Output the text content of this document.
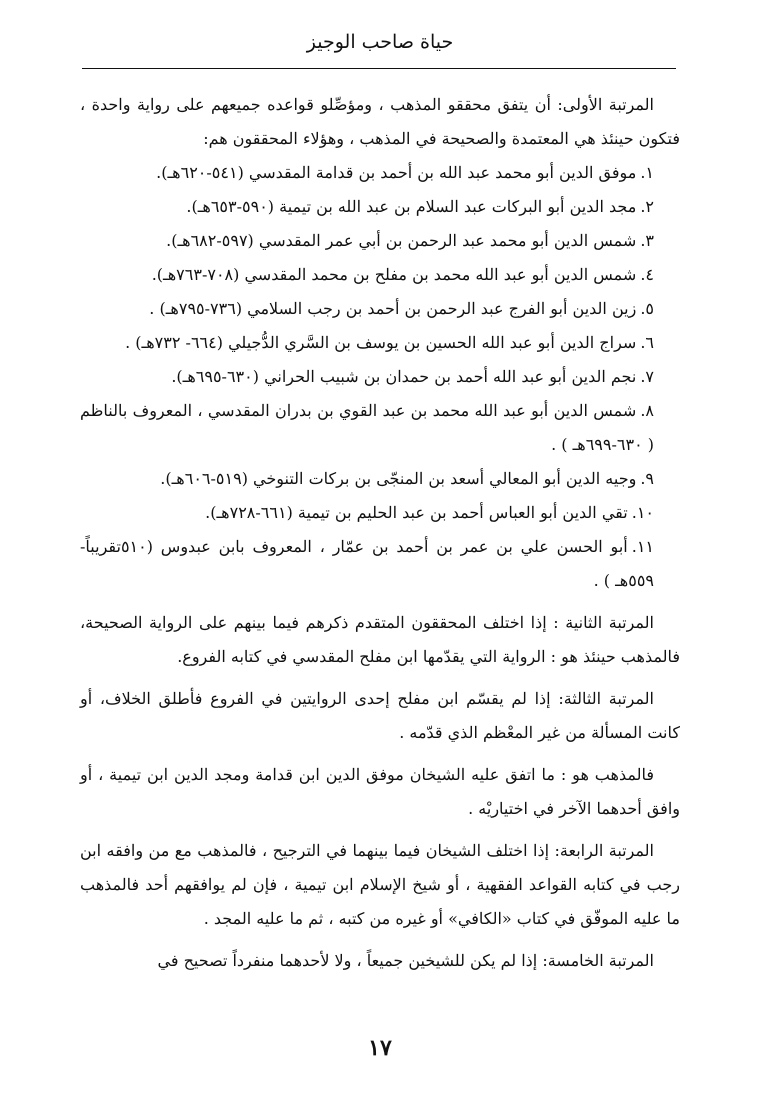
حياة صاحب الوجيز

المرتبة الأولى: أن يتفق محققو المذهب ، ومؤصِّلو قواعده جميعهم على رواية واحدة ، فتكون حينئذ هي المعتمدة والصحيحة في المذهب ، وهؤلاء المحققون هم:

١.موفق الدين أبو محمد عبد الله بن أحمد بن قدامة المقدسي (٥٤١-٦٢٠هـ).

٢.مجد الدين أبو البركات عبد السلام بن عبد الله بن تيمية (٥٩٠-٦٥٣هـ).

٣.شمس الدين أبو محمد عبد الرحمن بن أبي عمر المقدسي (٥٩٧-٦٨٢هـ).

٤.شمس الدين أبو عبد الله محمد بن مفلح بن محمد المقدسي (٧٠٨-٧٦٣هـ).

٥.زين الدين أبو الفرج عبد الرحمن بن أحمد بن رجب السلامي (٧٣٦-٧٩٥هـ) .

٦.سراج الدين أبو عبد الله الحسين بن يوسف بن السَّري الدُّجيلي (٦٦٤- ٧٣٢هـ) .

٧.نجم الدين أبو عبد الله أحمد بن حمدان بن شبيب الحراني (٦٣٠-٦٩٥هـ).

٨.شمس الدين أبو عبد الله محمد بن عبد القوي بن بدران المقدسي ، المعروف بالناظم ( ٦٣٠-٦٩٩هـ ) .

٩.وجيه الدين أبو المعالي أسعد بن المنجّى بن بركات التنوخي (٥١٩-٦٠٦هـ).

١٠.تقي الدين أبو العباس أحمد بن عبد الحليم بن تيمية (٦٦١-٧٢٨هـ).

١١.أبو الحسن علي بن عمر بن أحمد بن عمّار ، المعروف بابن عبدوس (٥١٠تقريباً- ٥٥٩هـ ) .

المرتبة الثانية : إذا اختلف المحققون المتقدم ذكرهم فيما بينهم على الرواية الصحيحة، فالمذهب حينئذ هو : الرواية التي يقدّمها ابن مفلح المقدسي في كتابه الفروع.

المرتبة الثالثة: إذا لم يقسّم ابن مفلح إحدى الروايتين في الفروع فأطلق الخلاف، أو كانت المسألة من غير المعْظم الذي قدّمه .

فالمذهب هو : ما اتفق عليه الشيخان موفق الدين ابن قدامة ومجد الدين ابن تيمية ، أو وافق أحدهما الآخر في اختياريْه .

المرتبة الرابعة: إذا اختلف الشيخان فيما بينهما في الترجيح ، فالمذهب مع من وافقه ابن رجب في كتابه القواعد الفقهية ، أو شيخ الإسلام ابن تيمية ، فإن لم يوافقهم أحد فالمذهب ما عليه الموفّق في كتاب «الكافي» أو غيره من كتبه ، ثم ما عليه المجد .

المرتبة الخامسة: إذا لم يكن للشيخين جميعاً ، ولا لأحدهما منفرداً تصحيح في

١٧
